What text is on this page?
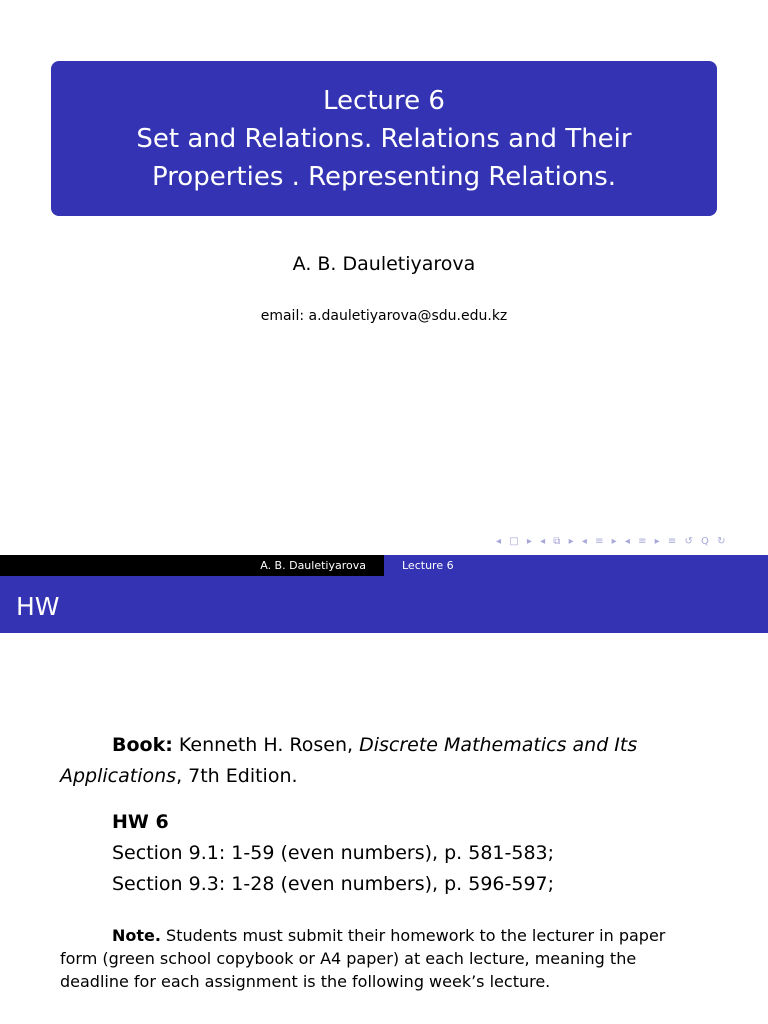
Lecture 6
Set and Relations. Relations and Their
Properties . Representing Relations.
A. B. Dauletiyarova
email: a.dauletiyarova@sdu.edu.kz
◂ □ ▸ ◂ ⧉ ▸ ◂ ≡ ▸ ◂ ≡ ▸ ≡ ↺ Q ↻
A. B. Dauletiyarova	Lecture 6
HW
Book: Kenneth H. Rosen, Discrete Mathematics and Its Applications, 7th Edition.
HW 6
Section 9.1: 1-59 (even numbers), p. 581-583;
Section 9.3: 1-28 (even numbers), p. 596-597;
Note. Students must submit their homework to the lecturer in paper form (green school copybook or A4 paper) at each lecture, meaning the deadline for each assignment is the following week’s lecture.
